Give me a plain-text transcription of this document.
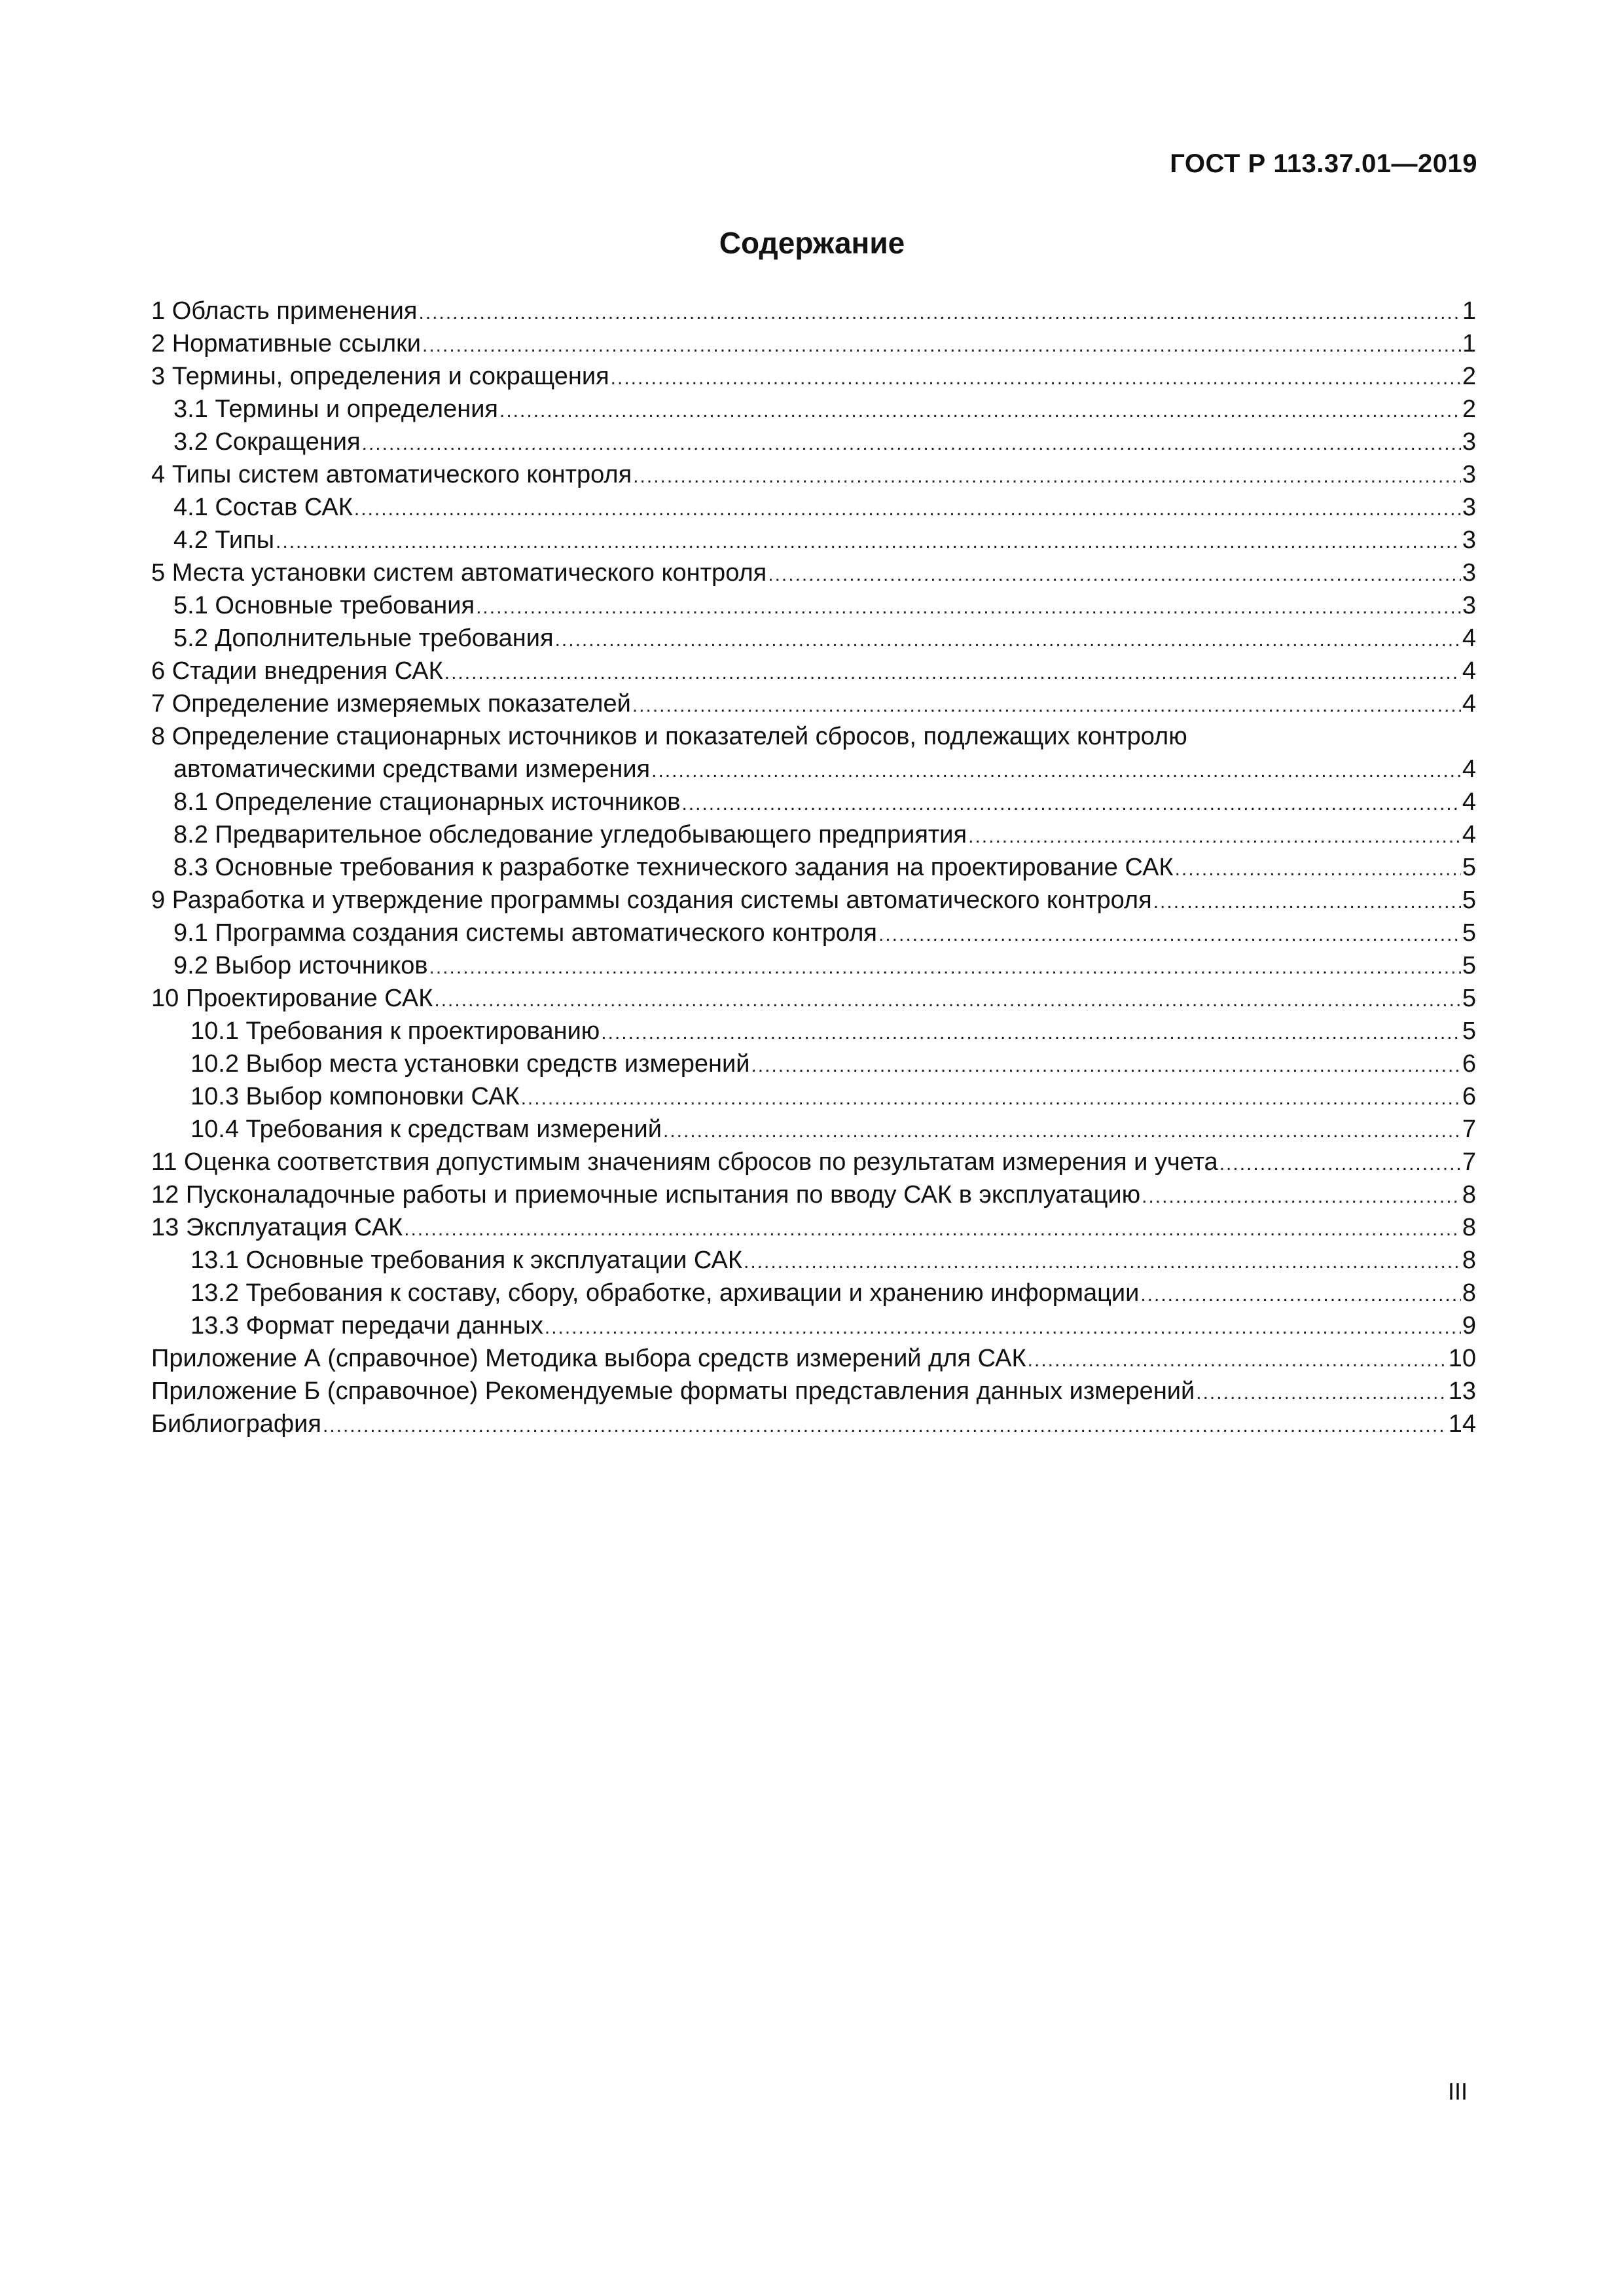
ГОСТ Р 113.37.01—2019
Содержание
1 Область применения .....	1
2 Нормативные ссылки .....	1
3 Термины, определения и сокращения .....	2
3.1 Термины и определения .....	2
3.2 Сокращения .....	3
4 Типы систем автоматического контроля .....	3
4.1 Состав САК .....	3
4.2 Типы .....	3
5 Места установки систем автоматического контроля .....	3
5.1 Основные требования .....	3
5.2 Дополнительные требования .....	4
6 Стадии внедрения САК .....	4
7 Определение измеряемых показателей .....	4
8 Определение стационарных источников и показателей сбросов, подлежащих контролю
автоматическими средствами измерения .....	4
8.1 Определение стационарных источников .....	4
8.2 Предварительное обследование угледобывающего предприятия .....	4
8.3 Основные требования к разработке технического задания на проектирование САК .....	5
9 Разработка и утверждение программы создания системы автоматического контроля .....	5
9.1 Программа создания системы автоматического контроля .....	5
9.2 Выбор источников .....	5
10 Проектирование САК .....	5
10.1 Требования к проектированию .....	5
10.2 Выбор места установки средств измерений .....	6
10.3 Выбор компоновки САК .....	6
10.4 Требования к средствам измерений .....	7
11 Оценка соответствия допустимым значениям сбросов по результатам измерения и учета .....	7
12 Пусконаладочные работы и приемочные испытания по вводу САК в эксплуатацию .....	8
13 Эксплуатация САК .....	8
13.1 Основные требования к эксплуатации САК .....	8
13.2 Требования к составу, сбору, обработке, архивации и хранению информации .....	8
13.3 Формат передачи данных .....	9
Приложение А (справочное) Методика выбора средств измерений для САК .....	10
Приложение Б (справочное) Рекомендуемые форматы представления данных измерений .....	13
Библиография .....	14
III
